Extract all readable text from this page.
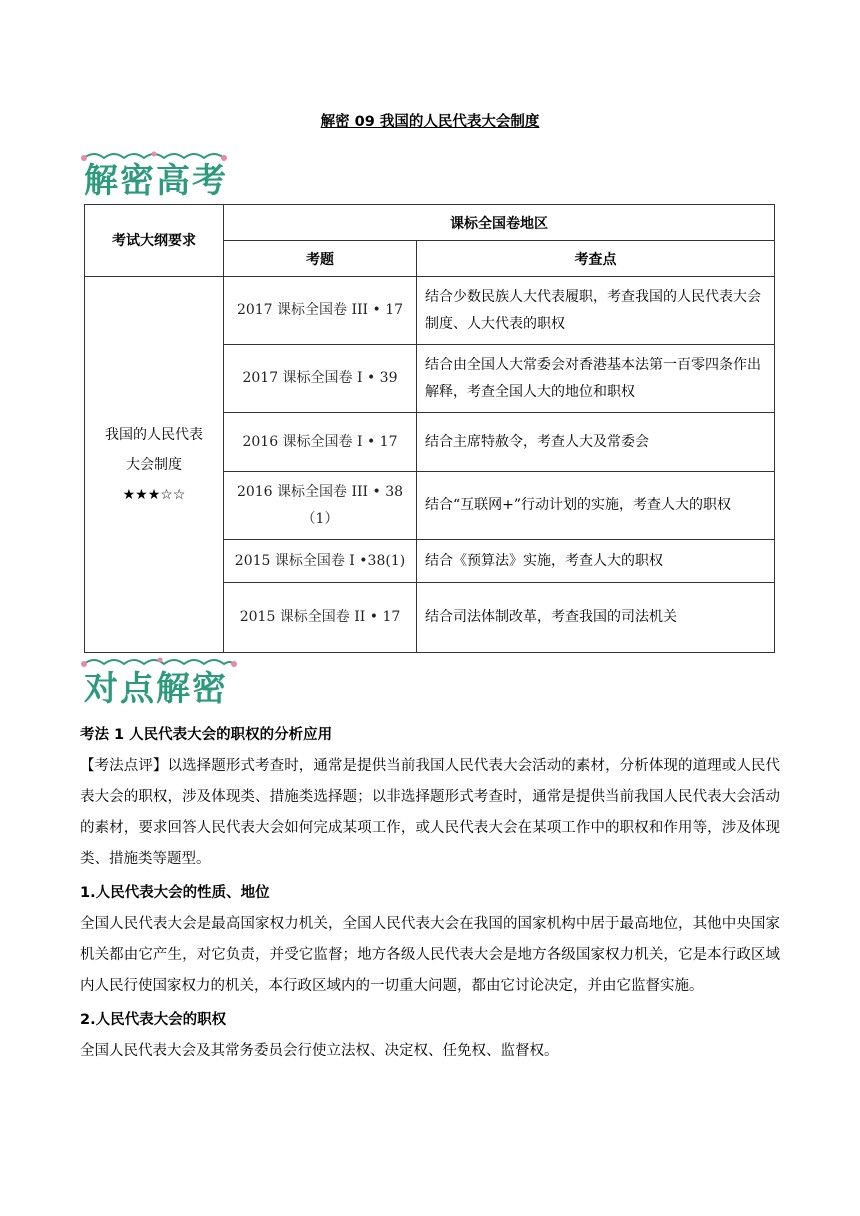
解密 09 我国的人民代表大会制度
解密高考
考试大纲要求	课标全国卷地区	
	考题	考查点

我国的人民代表
大会制度
★★★☆☆	2017 课标全国卷 III • 17	结合少数民族人大代表履职，考查我国的人民代表大会制度、人大代表的职权
	2017 课标全国卷 I • 39	结合由全国人大常委会对香港基本法第一百零四条作出解释，考查全国人大的地位和职权
	2016 课标全国卷 I • 17	结合主席特赦令，考查人大及常委会
	2016 课标全国卷 III • 38（1）	结合“互联网+”行动计划的实施，考查人大的职权
	2015 课标全国卷 I •38(1)	结合《预算法》实施，考查人大的职权
	2015 课标全国卷 II • 17	结合司法体制改革，考查我国的司法机关
对点解密
考法 1 人民代表大会的职权的分析应用
【考法点评】以选择题形式考查时，通常是提供当前我国人民代表大会活动的素材，分析体现的道理或人民代表大会的职权，涉及体现类、措施类选择题；以非选择题形式考查时，通常是提供当前我国人民代表大会活动的素材，要求回答人民代表大会如何完成某项工作，或人民代表大会在某项工作中的职权和作用等，涉及体现类、措施类等题型。
1.人民代表大会的性质、地位
全国人民代表大会是最高国家权力机关，全国人民代表大会在我国的国家机构中居于最高地位，其他中央国家机关都由它产生，对它负责，并受它监督；地方各级人民代表大会是地方各级国家权力机关，它是本行政区域内人民行使国家权力的机关，本行政区域内的一切重大问题，都由它讨论决定，并由它监督实施。
2.人民代表大会的职权
全国人民代表大会及其常务委员会行使立法权、决定权、任免权、监督权。
